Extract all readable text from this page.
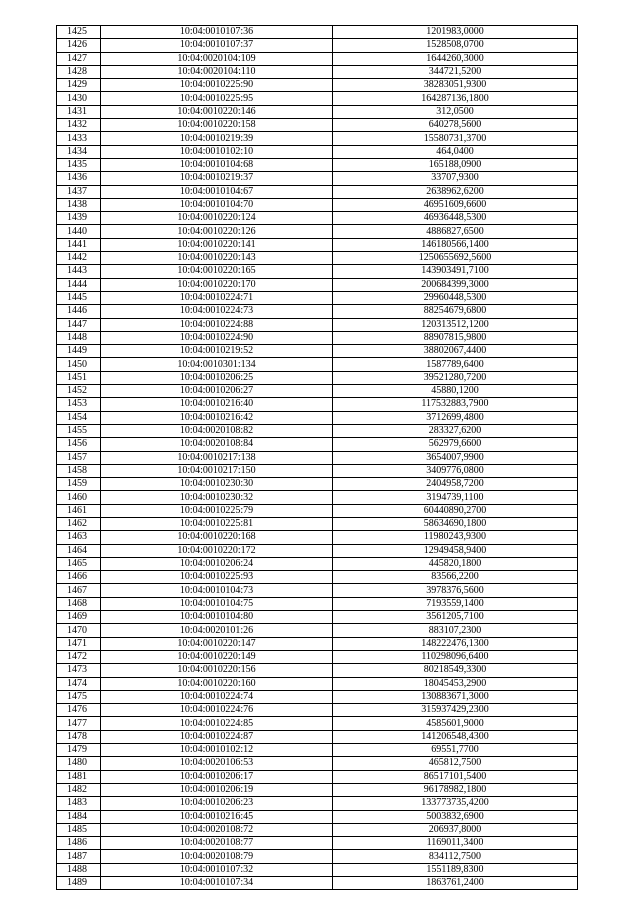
1425	10:04:0010107:36	1201983,0000
1426	10:04:0010107:37	1528508,0700
1427	10:04:0020104:109	1644260,3000
1428	10:04:0020104:110	344721,5200
1429	10:04:0010225:90	38283051,9300
1430	10:04:0010225:95	164287136,1800
1431	10:04:0010220:146	312,0500
1432	10:04:0010220:158	640278,5600
1433	10:04:0010219:39	15580731,3700
1434	10:04:0010102:10	464,0400
1435	10:04:0010104:68	165188,0900
1436	10:04:0010219:37	33707,9300
1437	10:04:0010104:67	2638962,6200
1438	10:04:0010104:70	46951609,6600
1439	10:04:0010220:124	46936448,5300
1440	10:04:0010220:126	4886827,6500
1441	10:04:0010220:141	146180566,1400
1442	10:04:0010220:143	1250655692,5600
1443	10:04:0010220:165	143903491,7100
1444	10:04:0010220:170	200684399,3000
1445	10:04:0010224:71	29960448,5300
1446	10:04:0010224:73	88254679,6800
1447	10:04:0010224:88	120313512,1200
1448	10:04:0010224:90	88907815,9800
1449	10:04:0010219:52	38802067,4400
1450	10:04:0010301:134	1587789,6400
1451	10:04:0010206:25	39521280,7200
1452	10:04:0010206:27	45880,1200
1453	10:04:0010216:40	117532883,7900
1454	10:04:0010216:42	3712699,4800
1455	10:04:0020108:82	283327,6200
1456	10:04:0020108:84	562979,6600
1457	10:04:0010217:138	3654007,9900
1458	10:04:0010217:150	3409776,0800
1459	10:04:0010230:30	2404958,7200
1460	10:04:0010230:32	3194739,1100
1461	10:04:0010225:79	60440890,2700
1462	10:04:0010225:81	58634690,1800
1463	10:04:0010220:168	11980243,9300
1464	10:04:0010220:172	12949458,9400
1465	10:04:0010206:24	445820,1800
1466	10:04:0010225:93	83566,2200
1467	10:04:0010104:73	3978376,5600
1468	10:04:0010104:75	7193559,1400
1469	10:04:0010104:80	3561205,7100
1470	10:04:0020101:26	883107,2300
1471	10:04:0010220:147	148222476,1300
1472	10:04:0010220:149	110298096,6400
1473	10:04:0010220:156	80218549,3300
1474	10:04:0010220:160	18045453,2900
1475	10:04:0010224:74	130883671,3000
1476	10:04:0010224:76	315937429,2300
1477	10:04:0010224:85	4585601,9000
1478	10:04:0010224:87	141206548,4300
1479	10:04:0010102:12	69551,7700
1480	10:04:0020106:53	465812,7500
1481	10:04:0010206:17	86517101,5400
1482	10:04:0010206:19	96178982,1800
1483	10:04:0010206:23	133773735,4200
1484	10:04:0010216:45	5003832,6900
1485	10:04:0020108:72	206937,8000
1486	10:04:0020108:77	1169011,3400
1487	10:04:0020108:79	834112,7500
1488	10:04:0010107:32	1551189,8300
1489	10:04:0010107:34	1863761,2400
